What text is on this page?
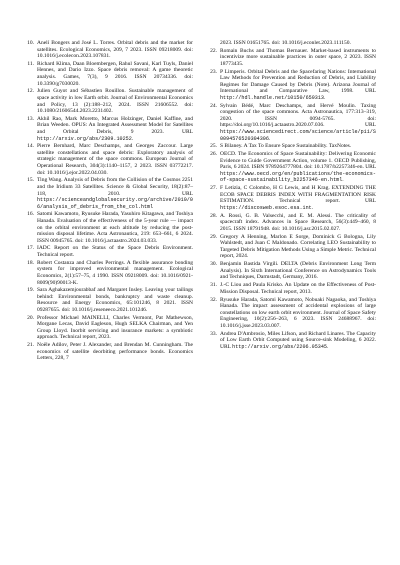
10. Anelí Bongers and José L. Torres. Orbital debris and the market for satellites. Ecological Economics, 209, 7 2023. ISSN 09218009. doi: 10.1016/j.ecolecon.2023.107831.
11. Richard Klima, Daan Bloembergen, Rahul Savani, Karl Tuyls, Daniel Hennes, and Dario Izzo. Space debris removal: A game theoretic analysis. Games, 7(3), 9 2016. ISSN 20734336. doi: 10.3390/g7030020.
12. Julien Guyot and Sébastien Rouillon. Sustainable management of space activity in low Earth orbit. Journal of Environmental Economics and Policy, 13 (2):188–212, 2024. ISSN 21606552. doi: 10.1080/21606544.2023.2231402.
13. Akhil Rao, Mark Moretto, Marcus Holzinger, Daniel Kaffine, and Brian Weeden. OPUS: An Integrated Assessment Model for Satellites and Orbital Debris, 9 2023. URL http://arxiv.org/abs/2309.10252.
14. Pierre Bernhard, Marc Deschamps, and Georges Zaccour. Large satellite constellations and space debris: Exploratory analysis of strategic management of the space commons. European Journal of Operational Research, 304(3):1140–1157, 2 2023. ISSN 03772217. doi: 10.1016/j.ejor.2022.04.030.
15. Ting Wang. Analysis of Debris from the Collision of the Cosmos 2251 and the Iridium 33 Satellites. Science & Global Security, 18(2):87–118, 2010. URL https://scienceandglobalsecurity.org/archive/2010/06/analysis_of_debris_from_the_col.html
16. Satomi Kawamoto, Ryusuke Harada, Yasuhiro Kitagawa, and Toshiya Hanada. Evaluation of the effectiveness of the 5-year rule — impact on the orbital environment at each altitude by reducing the post-mission disposal lifetime. Acta Astronautica, 219: 653–661, 6 2024. ISSN 00945765. doi: 10.1016/j.actaastro.2024.03.033.
17. IADC Report on the Status of the Space Debris Environment. Technical report.
18. Robert Costanza and Charles Perrings. A flexible assurance bonding system for improved environmental management. Ecological Economics, 2(1):57–75, 4 1990. ISSN 09218009. doi: 10.1016/0921-8009(90)90013-K.
19. Sara Aghakazemjourabbaf and Margaret Insley. Leaving your tailings behind: Environmental bonds, bankruptcy and waste cleanup. Resource and Energy Economics, 65:101246, 8 2021. ISSN 09287655. doi: 10.1016/j.reseneeco.2021.101246.
20. Professor Michael MAINELLI, Charles Vermont, Pat Mathewson, Morgane Lecas, David Eagleson, Hugh SELKA Chairman, and Yen Group Lloyd. Inorbit servicing and insurance markets: a symbiotic approach. Technical report, 2023.
21. Noële Adilov, Peter J. Alexander, and Brendan M. Cunningham. The economics of satellite deorbiting performance bonds. Economics Letters, 228, 7
2023. ISSN 01651765. doi: 10.1016/j.econlet.2023.111150.
22. Romain Buchs and Thomas Bernauer. Market-based instruments to incentivize more sustainable practices in outer space, 2 2023. ISSN 18773435.
23. P Limperis. Orbital Debris and the Spacefaring Nations: International Law Methods for Prevention and Reduction of Debris, and Liability Regimes for Damage Caused by Debris (Note). Arizona Journal of International and Comparative Law, 1998. URL http://hdl.handle.net/10150/659313.
24. Sylvain Bédé, Marc Deschamps, and Hervé Moulin. Taxing congestion of the space commons. Acta Astronautica, 177:313–319, 2020. ISSN 0094-5765. doi: https://doi.org/10.1016/j.actaastro.2020.07.036. URL https://www.sciencedirect.com/science/article/pii/S0094576520304306.
25. S Bilaney. A Tax To Ensure Space Sustainability. TaxNotes.
26. OECD. The Economics of Space Sustainability: Delivering Economic Evidence to Guide Government Action, volume 1. OECD Publishing, Paris, 6 2024. ISBN 9789264777804. doi: 10.1787/b2257346-en. URL https://www.oecd.org/en/publications/the-economics-of-space-sustainability_b2257346-en.html.
27. F Letizia, C Colombo, H G Lewis, and H Krag. EXTENDING THE ECOB SPACE DEBRIS INDEX WITH FRAGMENTATION RISK ESTIMATION. Technical report. URL https://discosweb.esoc.esa.int.
28. A. Rossi, G. B. Valsecchi, and E. M. Alessi. The criticality of spacecraft index. Advances in Space Research, 56(3):449–460, 8 2015. ISSN 18791948. doi: 10.1016/j.asr.2015.02.027.
29. Gregory A Henning, Marlon E Sorge, Dominick G Bologna, Lily Wahlstedt, and Juan C Maldonado. Correlating LEO Sustainability to Targeted Debris Mitigation Methods Using a Simple Metric. Technical report, 2024.
30. Benjamin Bastida Virgili. DELTA (Debris Environment Long Term Analysis). In Sixth International Conference on Astrodynamics Tools and Techniques, Darmstadt, Germany, 2016.
31. J.-C Liou and Paula Krisko. An Update on the Effectiveness of Post-Mission Disposal. Technical report, 2013.
32. Ryusuke Harada, Satomi Kawamoto, Nobuaki Nagaoka, and Toshiya Hanada. The impact assessment of accidental explosions of large constellations on low earth orbit environment. Journal of Space Safety Engineering, 10(2):256–263, 6 2023. ISSN 24688967. doi: 10.1016/j.jsse.2023.03.007.
33. Andrea D'Ambrosio, Miles Lifson, and Richard Linares. The Capacity of Low Earth Orbit Computed using Source-sink Modeling, 6 2022. URL http://arxiv.org/abs/2206.05345.
